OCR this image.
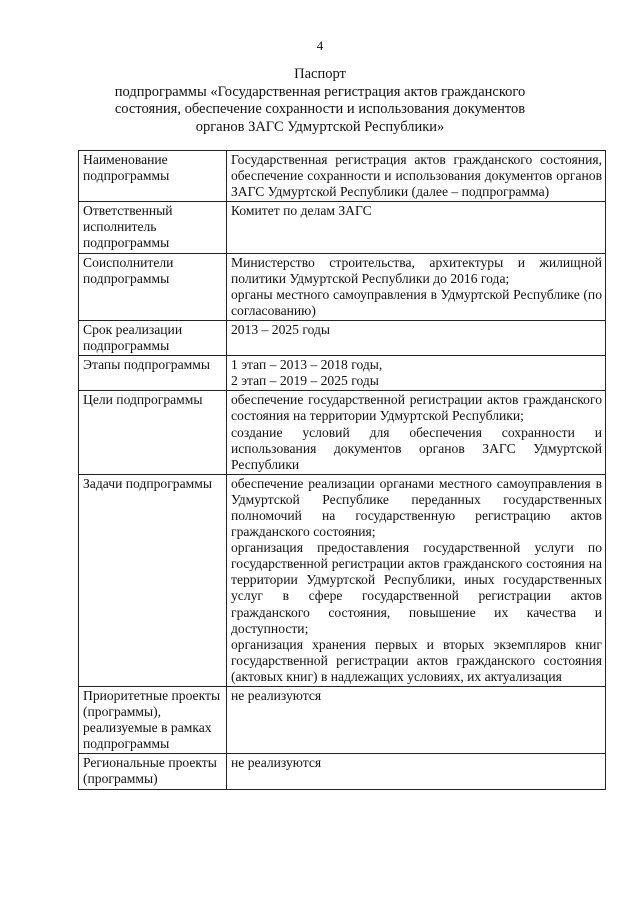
4
Паспорт
подпрограммы «Государственная регистрация актов гражданского
состояния, обеспечение сохранности и использования документов
органов ЗАГС Удмуртской Республики»
Наименование подпрограммы	Государственная регистрация актов гражданского состояния, обеспечение сохранности и использования документов органов ЗАГС Удмуртской Республики (далее – подпрограмма)

Ответственный исполнитель подпрограммы	Комитет по делам ЗАГС

Соисполнители подпрограммы	Министерство строительства, архитектуры и жилищной политики Удмуртской Республики до 2016 года;

органы местного самоуправления в Удмуртской Республике (по согласованию)

Срок реализации подпрограммы	2013 – 2025 годы

Этапы подпрограммы	1 этап – 2013 – 2018 годы,

2 этап – 2019 – 2025 годы

Цели подпрограммы	обеспечение государственной регистрации актов гражданского состояния на территории Удмуртской Республики;

создание условий для обеспечения сохранности и использования документов органов ЗАГС Удмуртской Республики

Задачи подпрограммы	обеспечение реализации органами местного самоуправления в Удмуртской Республике переданных государственных полномочий на государственную регистрацию актов гражданского состояния;

организация предоставления государственной услуги по государственной регистрации актов гражданского состояния на территории Удмуртской Республики, иных государственных услуг в сфере государственной регистрации актов гражданского состояния, повышение их качества и доступности;

организация хранения первых и вторых экземпляров книг государственной регистрации актов гражданского состояния (актовых книг) в надлежащих условиях, их актуализация

Приоритетные проекты (программы), реализуемые в рамках подпрограммы	не реализуются

Региональные проекты (программы)	не реализуются
